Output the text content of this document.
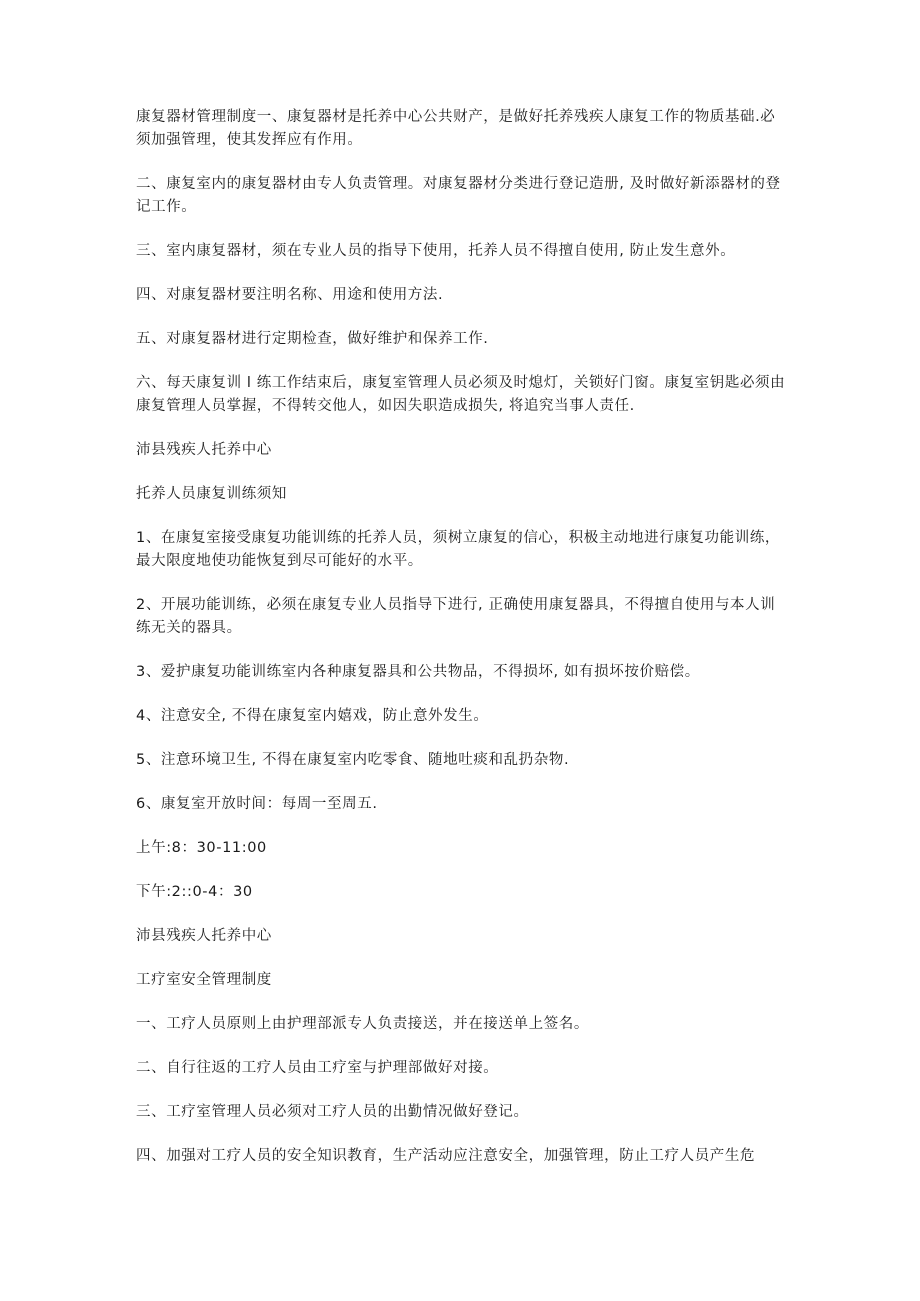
康复器材管理制度一、康复器材是托养中心公共财产，是做好托养残疾人康复工作的物质基础.必须加强管理，使其发挥应有作用。

二、康复室内的康复器材由专人负责管理。对康复器材分类进行登记造册, 及时做好新添器材的登记工作。

三、室内康复器材，须在专业人员的指导下使用，托养人员不得擅自使用, 防止发生意外。

四、对康复器材要注明名称、用途和使用方法.

五、对康复器材进行定期检查，做好维护和保养工作.

六、每天康复训 l 练工作结束后，康复室管理人员必须及时熄灯，关锁好门窗。康复室钥匙必须由康复管理人员掌握，不得转交他人，如因失职造成损失, 将追究当事人责任.

沛县残疾人托养中心

托养人员康复训练须知

1、在康复室接受康复功能训练的托养人员，须树立康复的信心，积极主动地进行康复功能训练，最大限度地使功能恢复到尽可能好的水平。

2、开展功能训练，必须在康复专业人员指导下进行, 正确使用康复器具，不得擅自使用与本人训练无关的器具。

3、爱护康复功能训练室内各种康复器具和公共物品，不得损坏, 如有损坏按价赔偿。

4、注意安全, 不得在康复室内嬉戏，防止意外发生。

5、注意环境卫生, 不得在康复室内吃零食、随地吐痰和乱扔杂物.

6、康复室开放时间：每周一至周五.

上午:8：30-11:00

下午:2::0-4：30

沛县残疾人托养中心

工疗室安全管理制度

一、工疗人员原则上由护理部派专人负责接送，并在接送单上签名。

二、自行往返的工疗人员由工疗室与护理部做好对接。

三、工疗室管理人员必须对工疗人员的出勤情况做好登记。

四、加强对工疗人员的安全知识教育，生产活动应注意安全，加强管理，防止工疗人员产生危
